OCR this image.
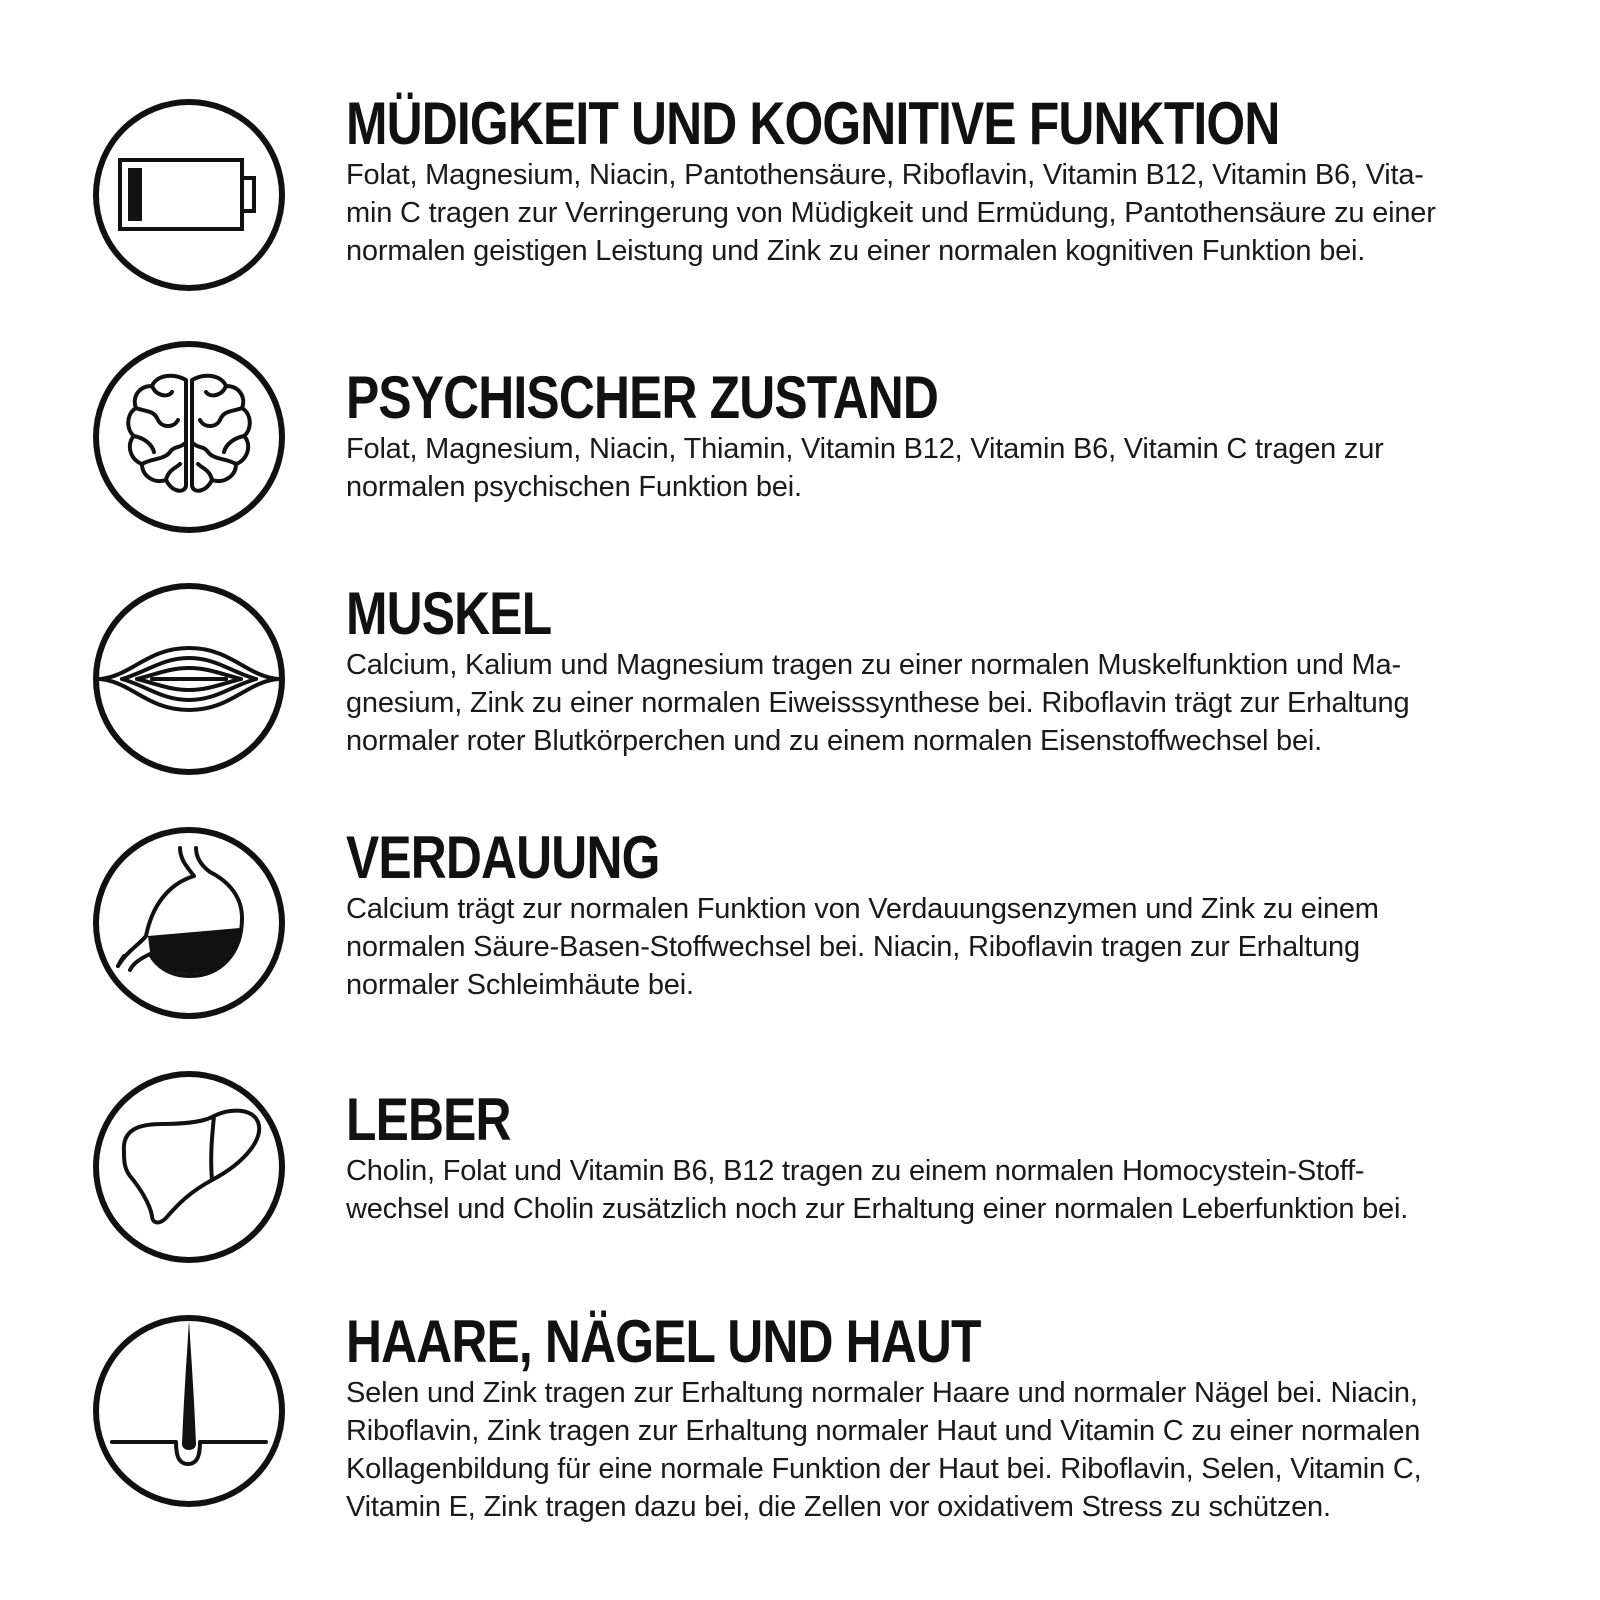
MÜDIGKEIT UND KOGNITIVE FUNKTION
Folat, Magnesium, Niacin, Pantothensäure, Riboflavin, Vitamin B12, Vitamin B6, Vita-
min C tragen zur Verringerung von Müdigkeit und Ermüdung, Pantothensäure zu einer
normalen geistigen Leistung und Zink zu einer normalen kognitiven Funktion bei.
PSYCHISCHER ZUSTAND
Folat, Magnesium, Niacin, Thiamin, Vitamin B12, Vitamin B6, Vitamin C tragen zur
normalen psychischen Funktion bei.
MUSKEL
Calcium, Kalium und Magnesium tragen zu einer normalen Muskelfunktion und Ma-
gnesium, Zink zu einer normalen Eiweisssynthese bei. Riboflavin trägt zur Erhaltung
normaler roter Blutkörperchen und zu einem normalen Eisenstoffwechsel bei.
VERDAUUNG
Calcium trägt zur normalen Funktion von Verdauungsenzymen und Zink zu einem
normalen Säure-Basen-Stoffwechsel bei. Niacin, Riboflavin tragen zur Erhaltung
normaler Schleimhäute bei.
LEBER
Cholin, Folat und Vitamin B6, B12 tragen zu einem normalen Homocystein-Stoff-
wechsel und Cholin zusätzlich noch zur Erhaltung einer normalen Leberfunktion bei.
HAARE, NÄGEL UND HAUT
Selen und Zink tragen zur Erhaltung normaler Haare und normaler Nägel bei. Niacin,
Riboflavin, Zink tragen zur Erhaltung normaler Haut und Vitamin C zu einer normalen
Kollagenbildung für eine normale Funktion der Haut bei. Riboflavin, Selen, Vitamin C,
Vitamin E, Zink tragen dazu bei, die Zellen vor oxidativem Stress zu schützen.
